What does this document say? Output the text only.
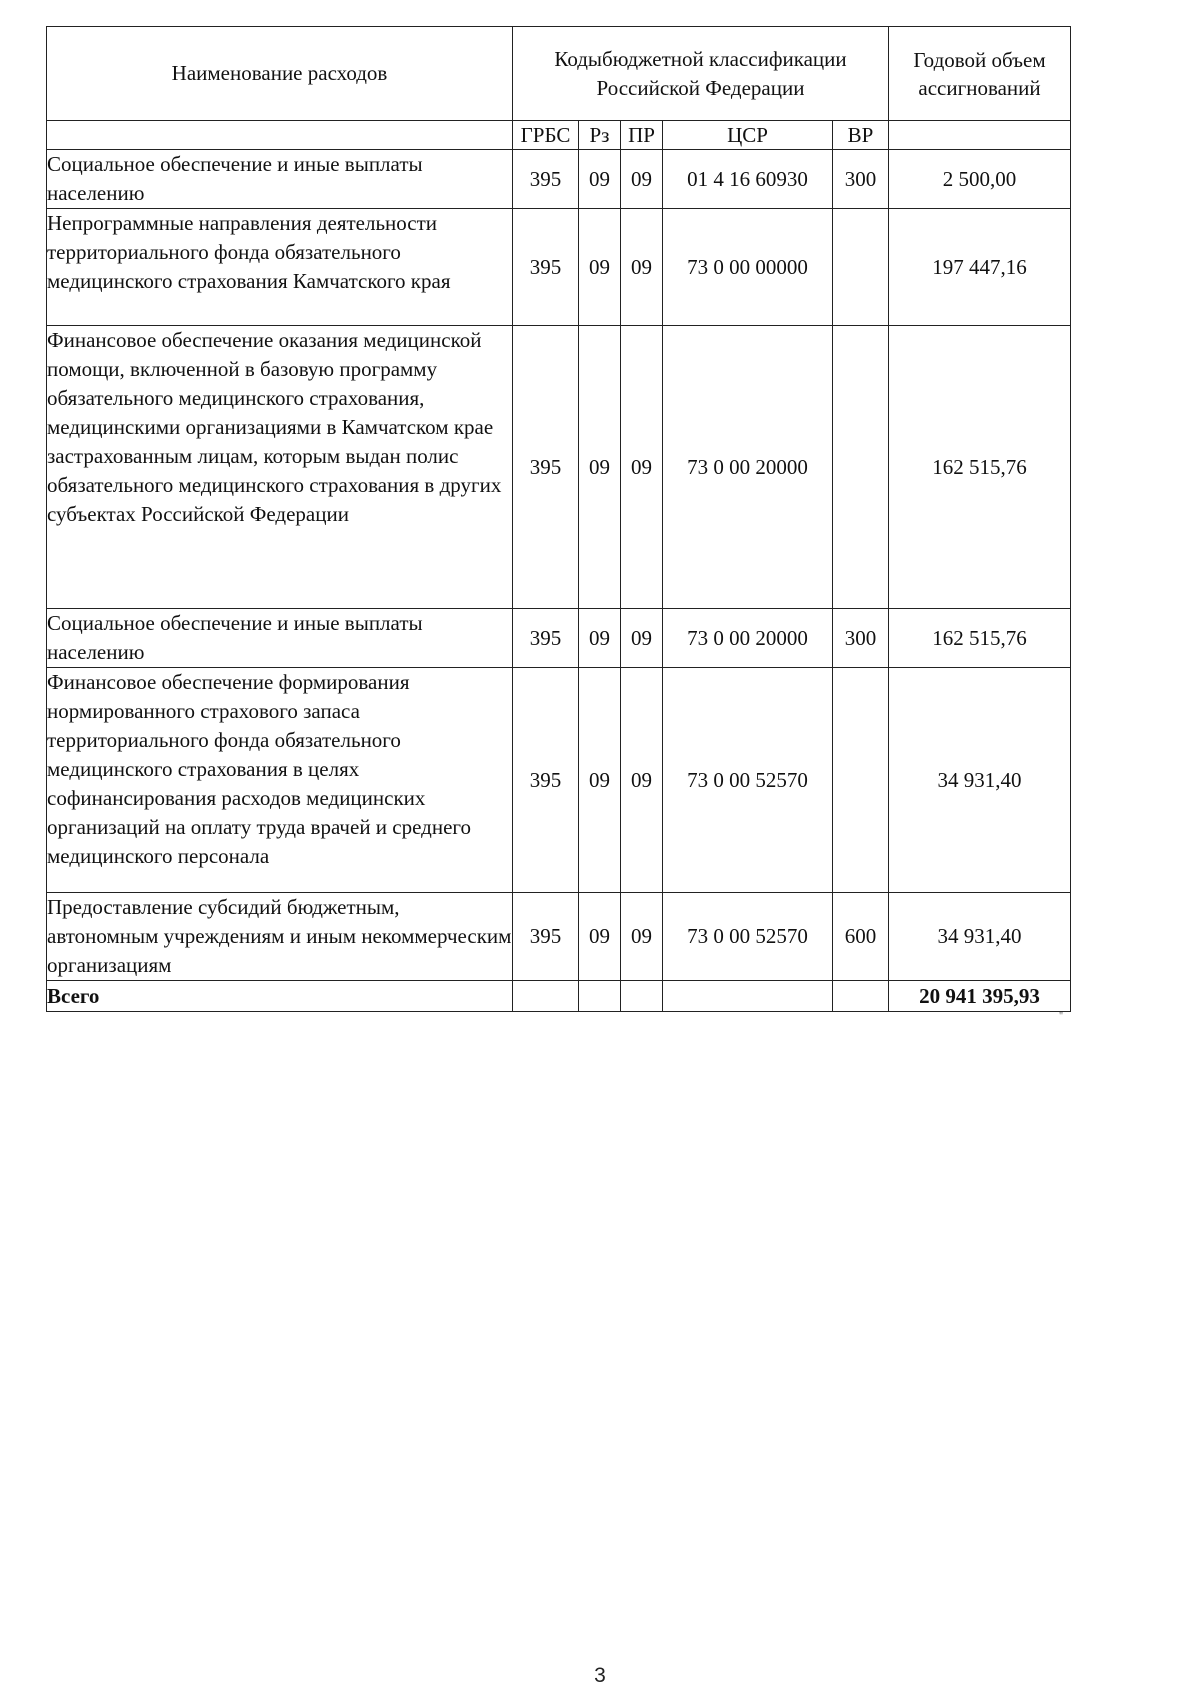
Наименование расходов	Кодыбюджетной классификации Российской Федерации					Годовой объем ассигнований
	ГРБС	Рз	ПР	ЦСР	ВР	
Социальное обеспечение и иные выплаты населению	395	09	09	01 4 16 60930	300	2 500,00
Непрограммные направления деятельности территориального фонда обязательного медицинского страхования Камчатского края	395	09	09	73 0 00 00000		197 447,16
Финансовое обеспечение оказания медицинской помощи, включенной в базовую программу обязательного медицинского страхования, медицинскими организациями в Камчатском крае застрахованным лицам, которым выдан полис обязательного медицинского страхования в других субъектах Российской Федерации	395	09	09	73 0 00 20000		162 515,76
Социальное обеспечение и иные выплаты населению	395	09	09	73 0 00 20000	300	162 515,76
Финансовое обеспечение формирования нормированного страхового запаса территориального фонда обязательного медицинского страхования в целях софинансирования расходов медицинских организаций на оплату труда врачей и среднего медицинского персонала	395	09	09	73 0 00 52570		34 931,40
Предоставление субсидий бюджетным, автономным учреждениям и иным некоммерческим организациям	395	09	09	73 0 00 52570	600	34 931,40
Всего						20 941 395,93
"
3
